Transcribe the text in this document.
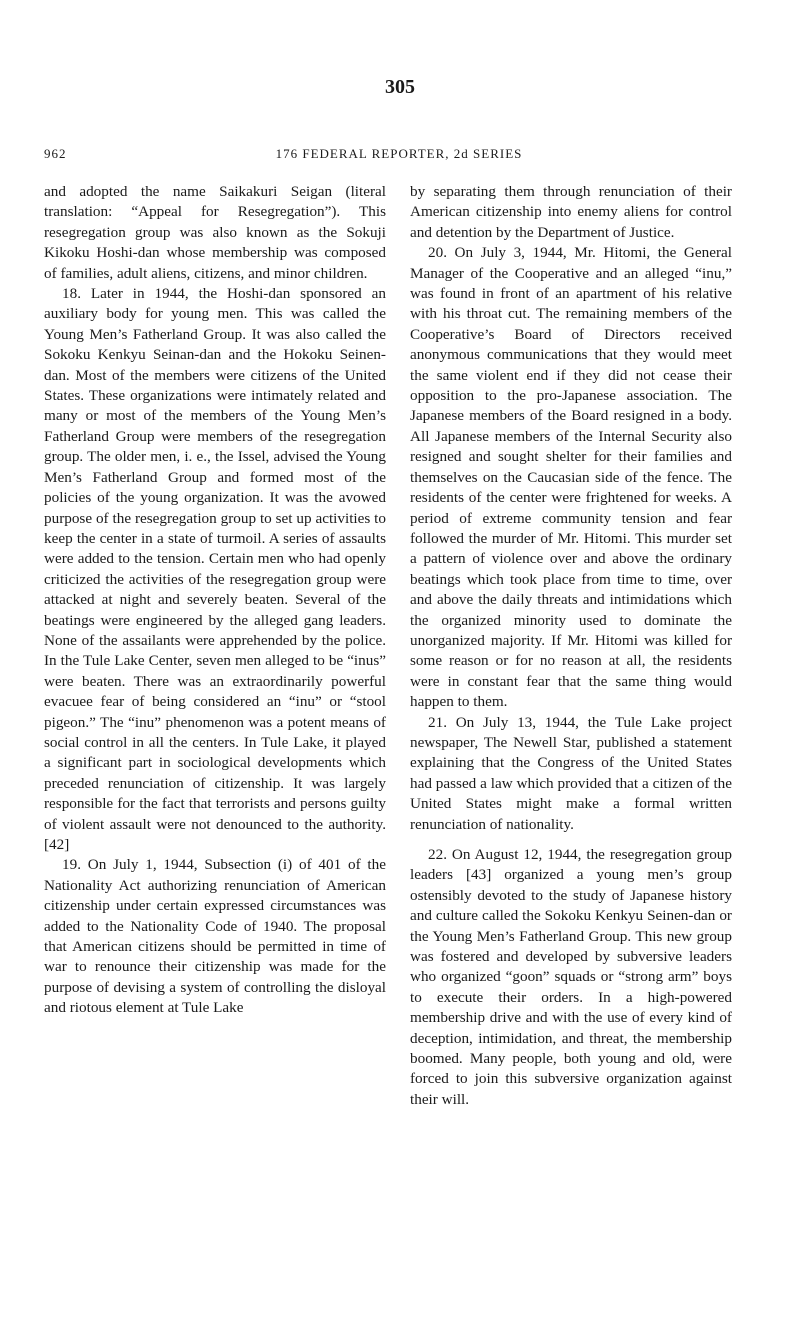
305
962	176 FEDERAL REPORTER, 2d SERIES

and adopted the name Saikakuri Seigan (literal translation: “Appeal for Resegregation”). This resegregation group was also known as the Sokuji Kikoku Hoshi-dan whose membership was composed of families, adult aliens, citizens, and minor children.

18. Later in 1944, the Hoshi-dan sponsored an auxiliary body for young men. This was called the Young Men’s Fatherland Group. It was also called the Sokoku Kenkyu Seinan-dan and the Hokoku Seinen-dan. Most of the members were citizens of the United States. These organizations were intimately related and many or most of the members of the Young Men’s Fatherland Group were members of the resegregation group. The older men, i. e., the Issel, advised the Young Men’s Fatherland Group and formed most of the policies of the young organization. It was the avowed purpose of the resegregation group to set up activities to keep the center in a state of turmoil. A series of assaults were added to the tension. Certain men who had openly criticized the activities of the resegregation group were attacked at night and severely beaten. Several of the beatings were engineered by the alleged gang leaders. None of the assailants were apprehended by the police. In the Tule Lake Center, seven men alleged to be “inus” were beaten. There was an extraordinarily powerful evacuee fear of being considered an “inu” or “stool pigeon.” The “inu” phenomenon was a potent means of social control in all the centers. In Tule Lake, it played a significant part in sociological developments which preceded renunciation of citizenship. It was largely responsible for the fact that terrorists and persons guilty of violent assault were not denounced to the authority. [42]

19. On July 1, 1944, Subsection (i) of 401 of the Nationality Act authorizing renunciation of American citizenship under certain expressed circumstances was added to the Nationality Code of 1940. The proposal that American citizens should be permitted in time of war to renounce their citizenship was made for the purpose of devising a system of controlling the disloyal and riotous element at Tule Lake

by separating them through renunciation of their American citizenship into enemy aliens for control and detention by the Department of Justice.

20. On July 3, 1944, Mr. Hitomi, the General Manager of the Cooperative and an alleged “inu,” was found in front of an apartment of his relative with his throat cut. The remaining members of the Cooperative’s Board of Directors received anonymous communications that they would meet the same violent end if they did not cease their opposition to the pro-Japanese association. The Japanese members of the Board resigned in a body. All Japanese members of the Internal Security also resigned and sought shelter for their families and themselves on the Caucasian side of the fence. The residents of the center were frightened for weeks. A period of extreme community tension and fear followed the murder of Mr. Hitomi. This murder set a pattern of violence over and above the ordinary beatings which took place from time to time, over and above the daily threats and intimidations which the organized minority used to dominate the unorganized majority. If Mr. Hitomi was killed for some reason or for no reason at all, the residents were in constant fear that the same thing would happen to them.

21. On July 13, 1944, the Tule Lake project newspaper, The Newell Star, published a statement explaining that the Congress of the United States had passed a law which provided that a citizen of the United States might make a formal written renunciation of nationality.

22. On August 12, 1944, the resegregation group leaders [43] organized a young men’s group ostensibly devoted to the study of Japanese history and culture called the Sokoku Kenkyu Seinen-dan or the Young Men’s Fatherland Group. This new group was fostered and developed by subversive leaders who organized “goon” squads or “strong arm” boys to execute their orders. In a high-powered membership drive and with the use of every kind of deception, intimidation, and threat, the membership boomed. Many people, both young and old, were forced to join this subversive organization against their will.
